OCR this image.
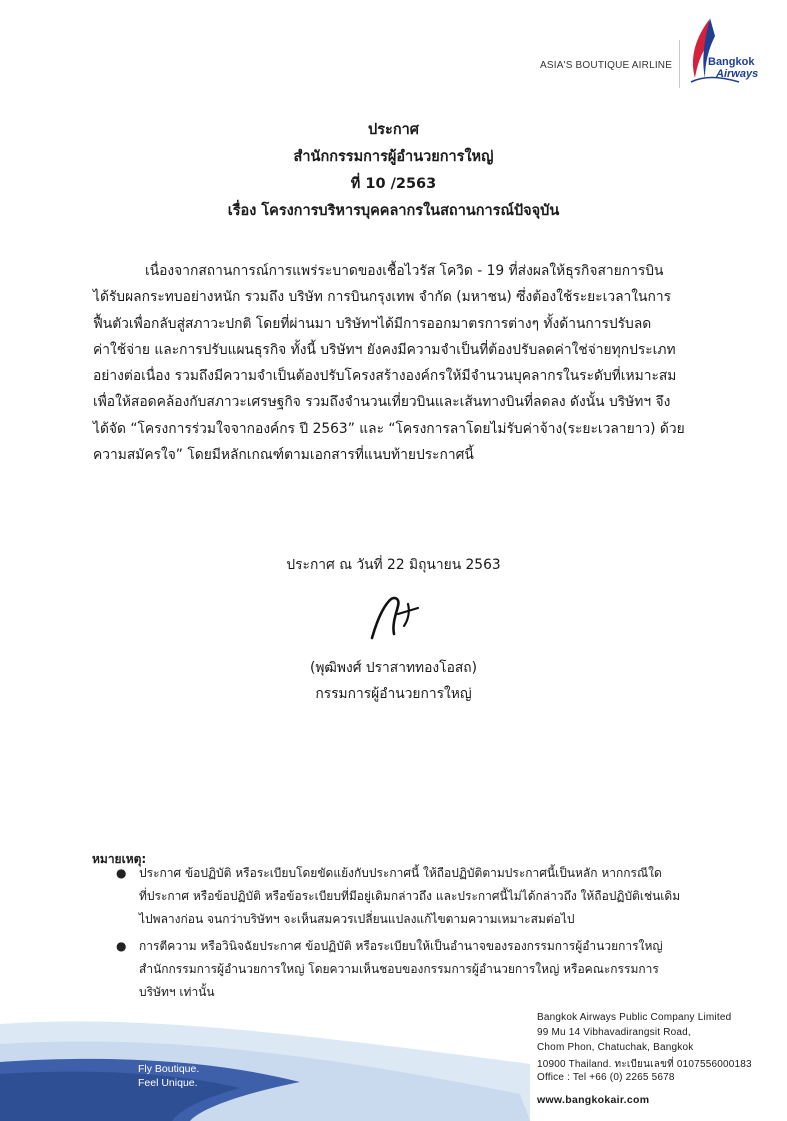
ASIA'S BOUTIQUE AIRLINE	Bangkok
Airways
ประกาศ
สำนักกรรมการผู้อำนวยการใหญ่
ที่ 10 /2563
เรื่อง โครงการบริหารบุคคลากรในสถานการณ์ปัจจุบัน
เนื่องจากสถานการณ์การแพร่ระบาดของเชื้อไวรัส โควิด - 19 ที่ส่งผลให้ธุรกิจสายการบิน
ได้รับผลกระทบอย่างหนัก รวมถึง บริษัท การบินกรุงเทพ จำกัด (มหาชน) ซึ่งต้องใช้ระยะเวลาในการ
ฟื้นตัวเพื่อกลับสู่สภาวะปกติ โดยที่ผ่านมา บริษัทฯได้มีการออกมาตรการต่างๆ ทั้งด้านการปรับลด
ค่าใช้จ่าย และการปรับแผนธุรกิจ ทั้งนี้ บริษัทฯ ยังคงมีความจำเป็นที่ต้องปรับลดค่าใช่จ่ายทุกประเภท
อย่างต่อเนื่อง รวมถึงมีความจำเป็นต้องปรับโครงสร้างองค์กรให้มีจำนวนบุคลากรในระดับที่เหมาะสม
เพื่อให้สอดคล้องกับสภาวะเศรษฐกิจ รวมถึงจำนวนเที่ยวบินและเส้นทางบินที่ลดลง ดังนั้น บริษัทฯ จึง
ได้จัด “โครงการร่วมใจจากองค์กร ปี 2563” และ “โครงการลาโดยไม่รับค่าจ้าง(ระยะเวลายาว) ด้วย
ความสมัครใจ” โดยมีหลักเกณฑ์ตามเอกสารที่แนบท้ายประกาศนี้
ประกาศ ณ วันที่ 22 มิถุนายน 2563
(พุฒิพงศ์ ปราสาททองโอสถ)
กรรมการผู้อำนวยการใหญ่
หมายเหตุ:
● ประกาศ ข้อปฏิบัติ หรือระเบียบโดยขัดแย้งกับประกาศนี้ ให้ถือปฏิบัติตามประกาศนี้เป็นหลัก หากกรณีใด
ที่ประกาศ หรือข้อปฏิบัติ หรือข้อระเบียบที่มีอยู่เดิมกล่าวถึง และประกาศนี้ไม่ได้กล่าวถึง ให้ถือปฏิบัติเช่นเดิม
ไปพลางก่อน จนกว่าบริษัทฯ จะเห็นสมควรเปลี่ยนแปลงแก้ไขตามความเหมาะสมต่อไป
● การตีความ หรือวินิจฉัยประกาศ ข้อปฏิบัติ หรือระเบียบให้เป็นอำนาจของรองกรรมการผู้อำนวยการใหญ่
สำนักกรรมการผู้อำนวยการใหญ่ โดยความเห็นชอบของกรรมการผู้อำนวยการใหญ่ หรือคณะกรรมการ
บริษัทฯ เท่านั้น
Fly Boutique.
Feel Unique.
Bangkok Airways Public Company Limited
99 Mu 14 Vibhavadirangsit Road,
Chom Phon, Chatuchak, Bangkok
10900 Thailand. ทะเบียนเลขที่ 0107556000183
Office : Tel +66 (0) 2265 5678
www.bangkokair.com
